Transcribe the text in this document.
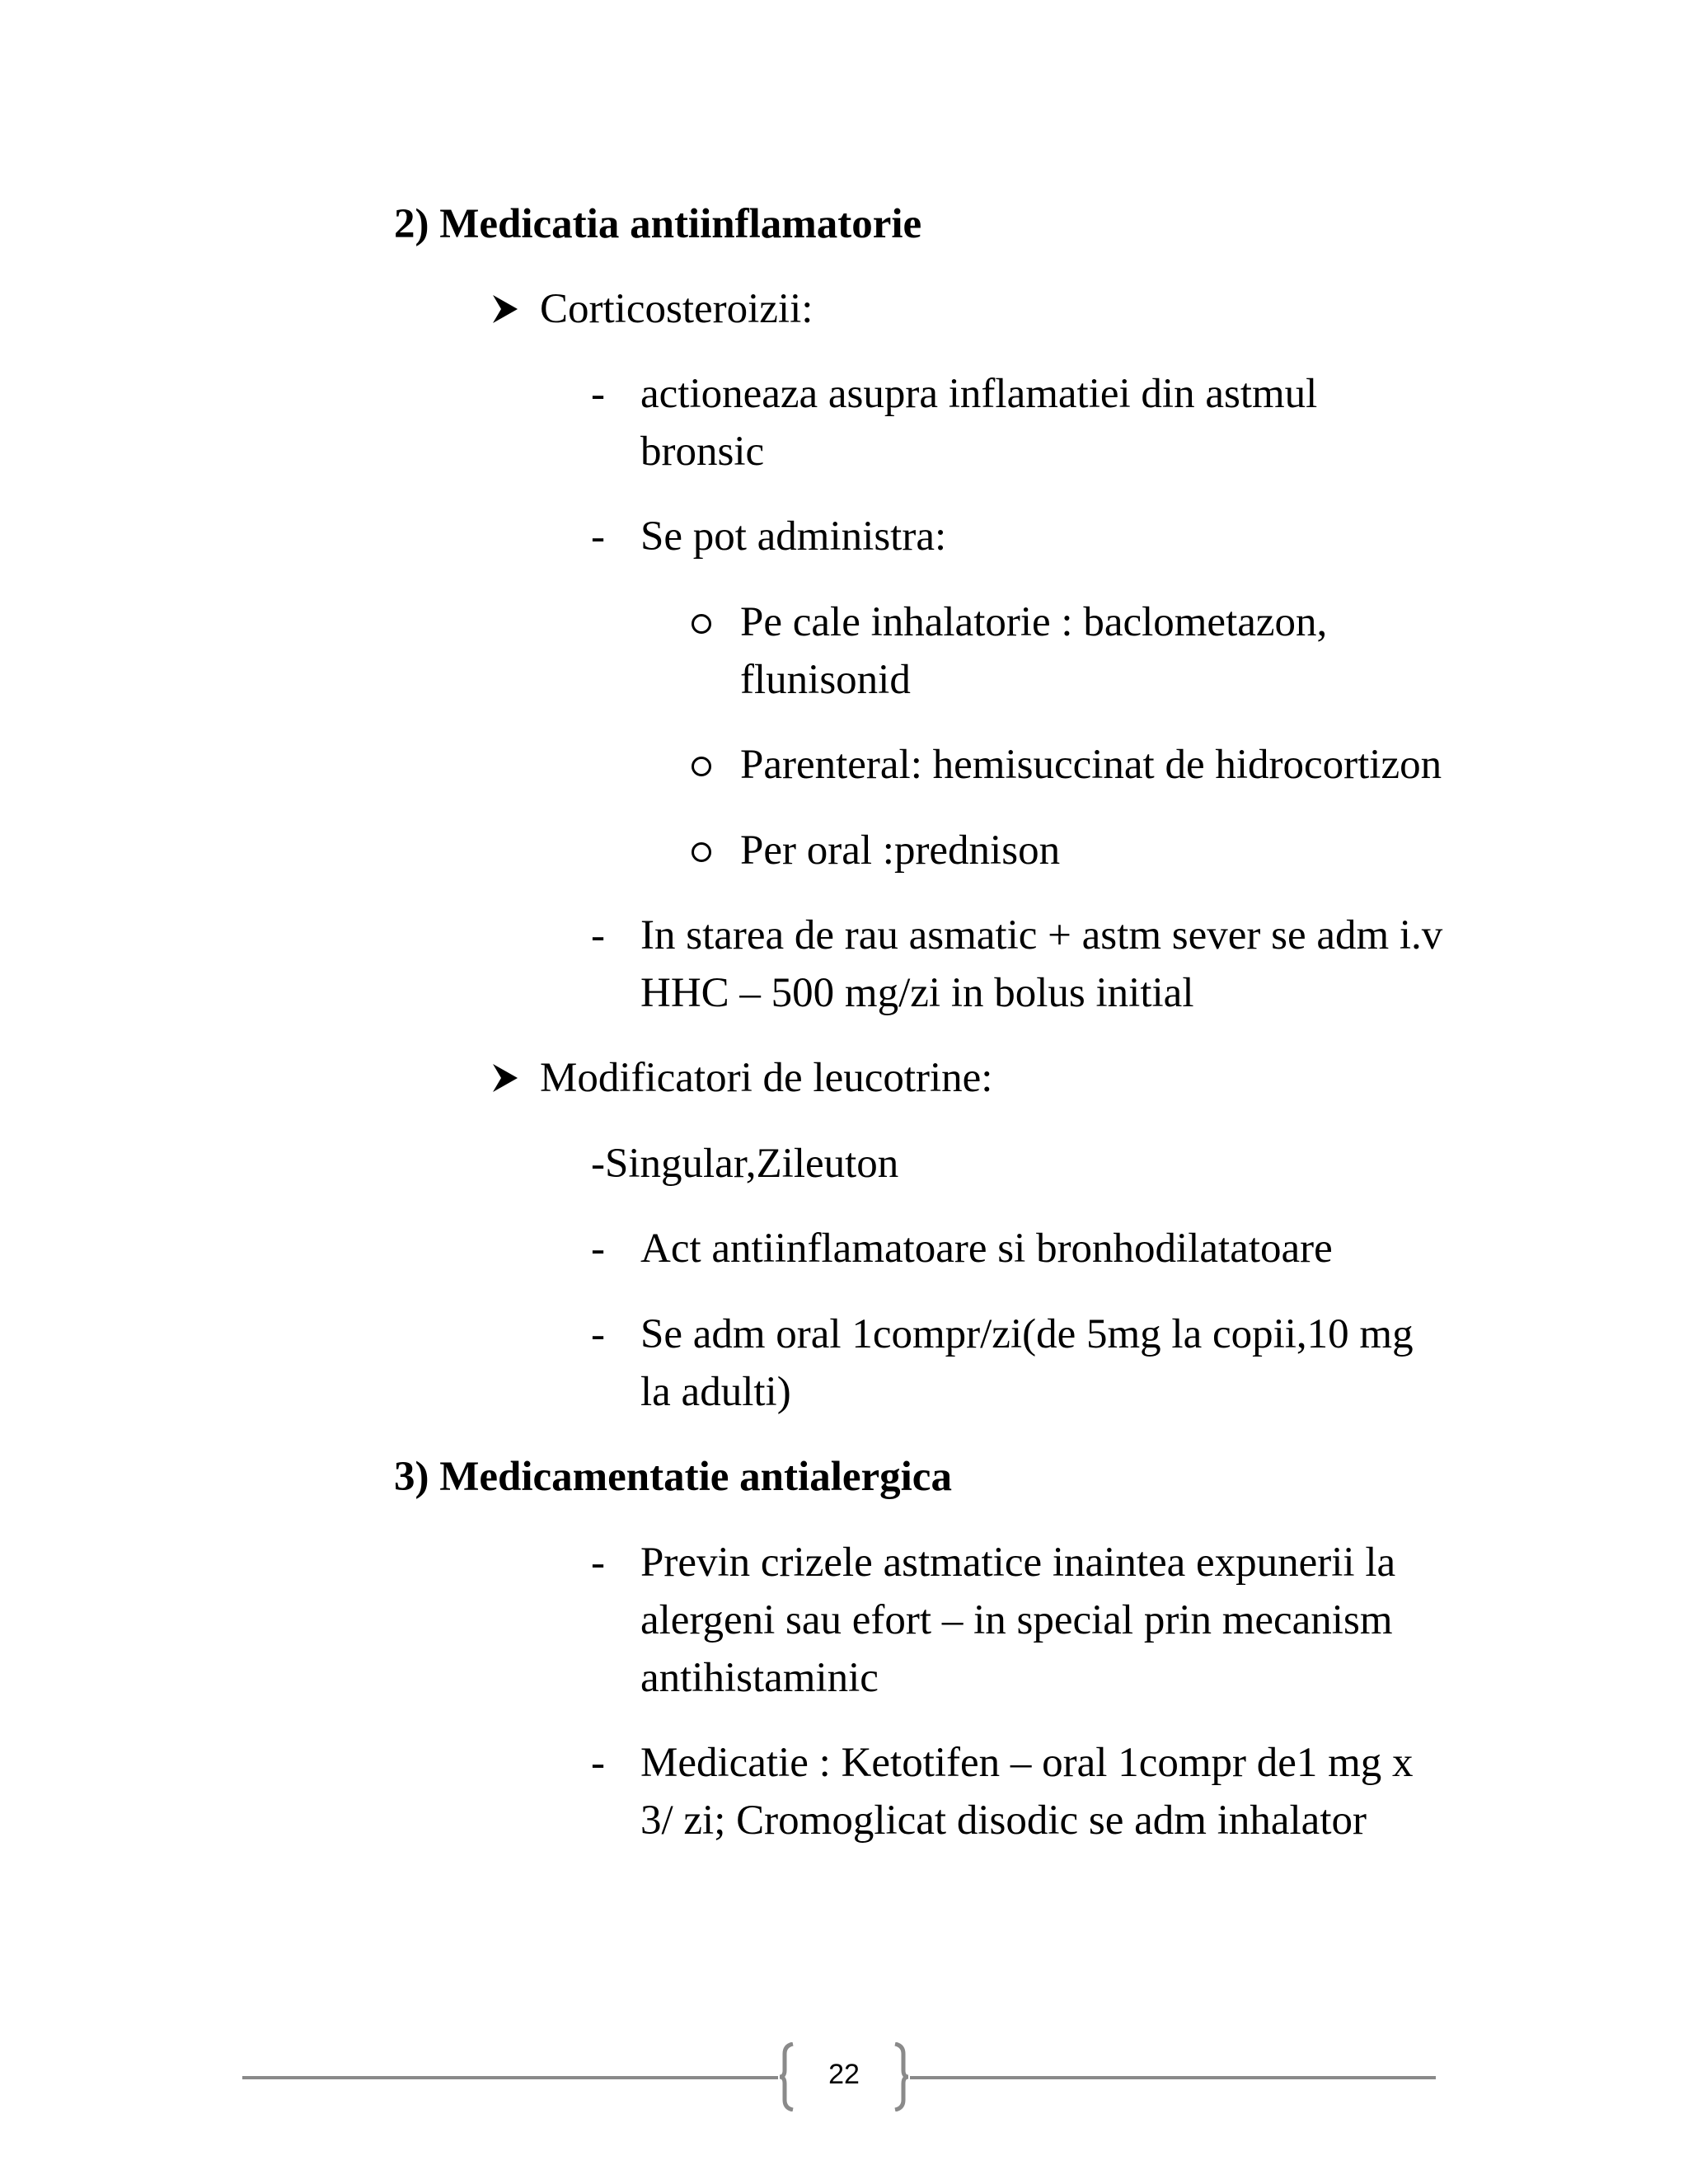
2) Medicatia antiinflamatorie
Corticosteroizii:
- actioneaza asupra inflamatiei din astmul
bronsic
- Se pot administra:
Pe cale inhalatorie : baclometazon,
flunisonid
Parenteral: hemisuccinat de hidrocortizon
Per oral :prednison
- In starea de rau asmatic + astm sever se adm i.v
HHC – 500 mg/zi in bolus initial
Modificatori de leucotrine:
-Singular,Zileuton
- Act antiinflamatoare si bronhodilatatoare
- Se adm oral 1compr/zi(de 5mg la copii,10 mg
la adulti)
3) Medicamentatie antialergica
- Previn crizele astmatice inaintea expunerii la
alergeni sau efort – in special prin mecanism
antihistaminic
- Medicatie : Ketotifen – oral 1compr de1 mg x
3/ zi; Cromoglicat disodic se adm inhalator
22
